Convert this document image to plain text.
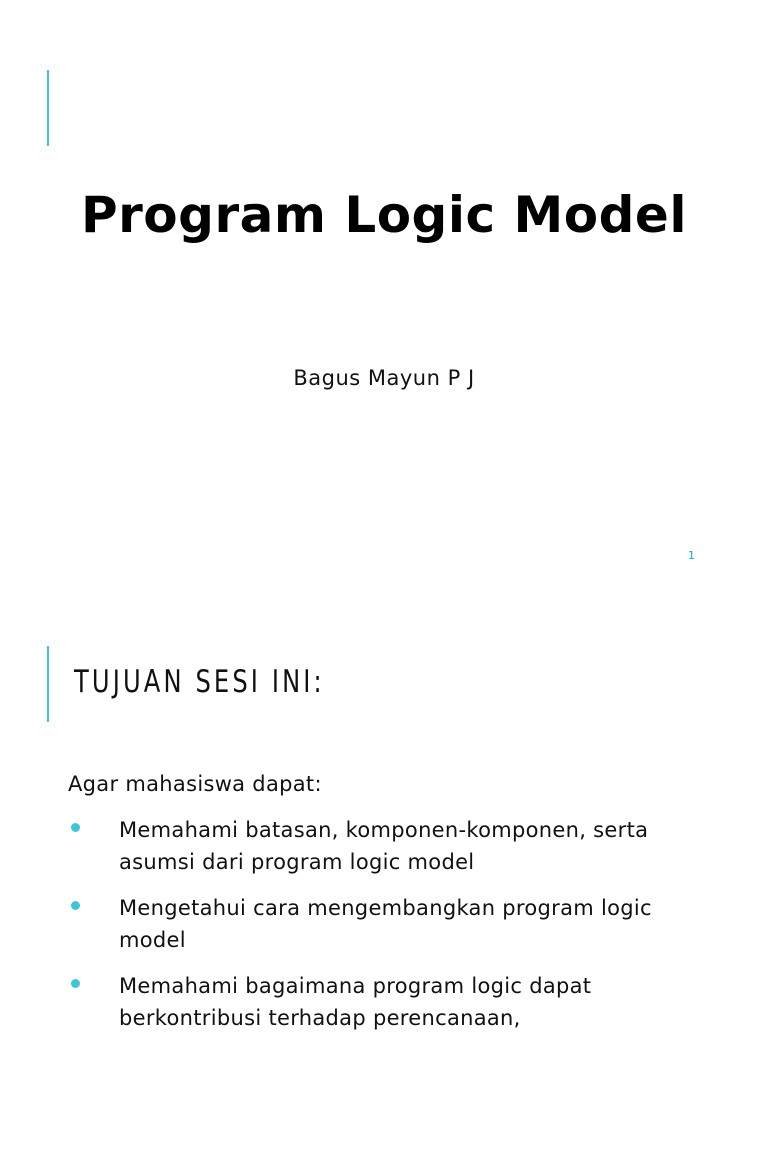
Program Logic Model
Bagus Mayun P J
1
TUJUAN SESI INI:
Agar mahasiswa dapat:
Memahami batasan, komponen-komponen, serta asumsi dari program logic model
Mengetahui cara mengembangkan program logic model
Memahami bagaimana program logic dapat berkontribusi terhadap perencanaan,
